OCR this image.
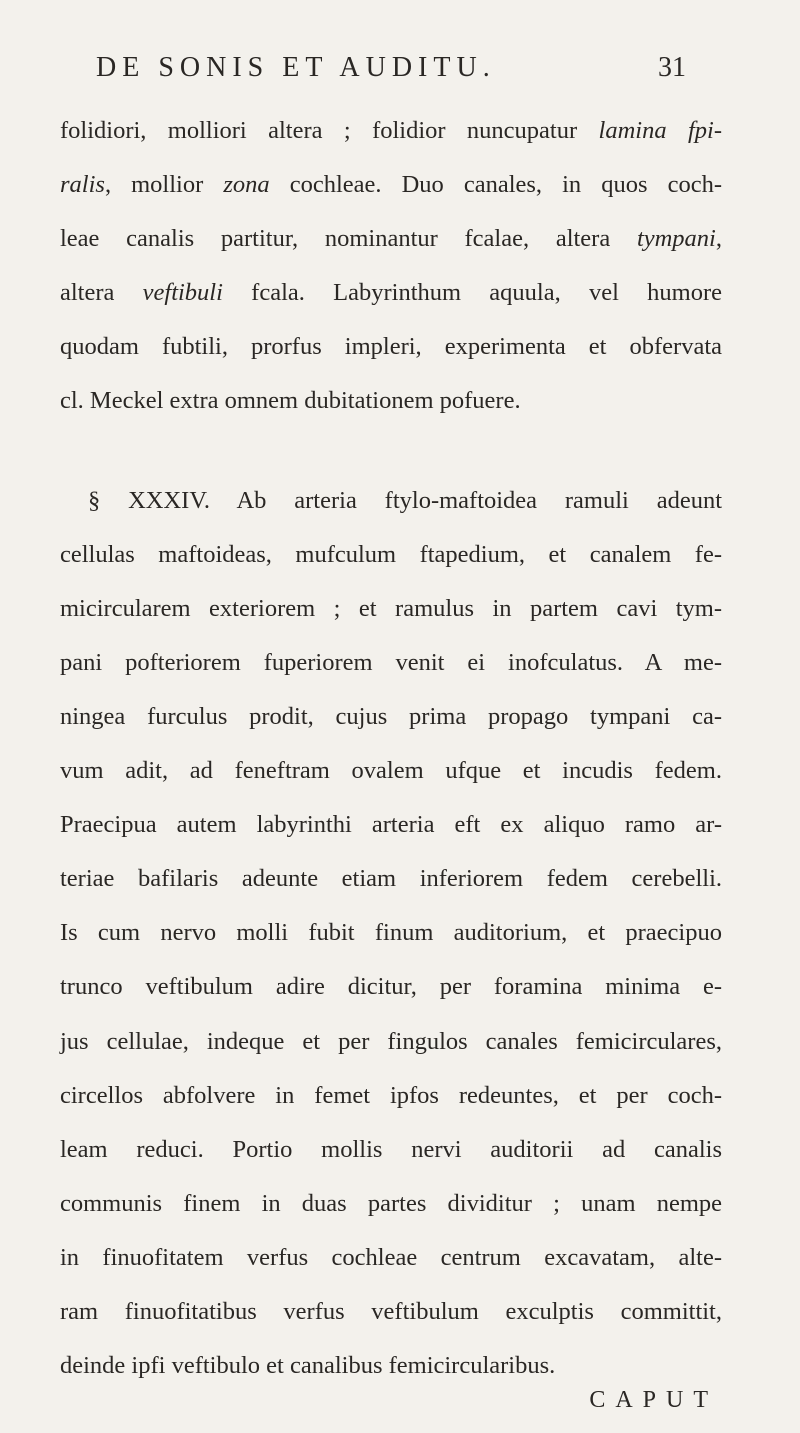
DE SONIS ET AUDITU.	31
folidiori, molliori altera ; folidior nuncupatur lamina fpi-
ralis, mollior zona cochleae. Duo canales, in quos coch-
leae canalis partitur, nominantur fcalae, altera tympani,
altera veftibuli fcala. Labyrinthum aquula, vel humore
quodam fubtili, prorfus impleri, experimenta et obfervata
cl. Meckel extra omnem dubitationem pofuere.
§ XXXIV. Ab arteria ftylo-maftoidea ramuli adeunt
cellulas maftoideas, mufculum ftapedium, et canalem fe-
micircularem exteriorem ; et ramulus in partem cavi tym-
pani pofteriorem fuperiorem venit ei inofculatus. A me-
ningea furculus prodit, cujus prima propago tympani ca-
vum adit, ad feneftram ovalem ufque et incudis fedem.
Praecipua autem labyrinthi arteria eft ex aliquo ramo ar-
teriae bafilaris adeunte etiam inferiorem fedem cerebelli.
Is cum nervo molli fubit finum auditorium, et praecipuo
trunco veftibulum adire dicitur, per foramina minima e-
jus cellulae, indeque et per fingulos canales femicirculares,
circellos abfolvere in femet ipfos redeuntes, et per coch-
leam reduci. Portio mollis nervi auditorii ad canalis
communis finem in duas partes dividitur ; unam nempe
in finuofitatem verfus cochleae centrum excavatam, alte-
ram finuofitatibus verfus veftibulum exculptis committit,
deinde ipfi veftibulo et canalibus femicircularibus.
CAPUT
